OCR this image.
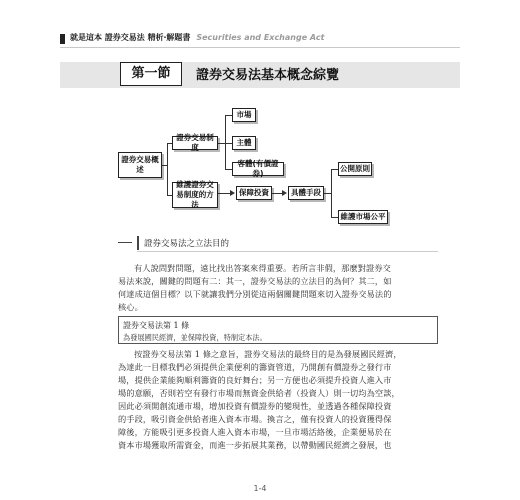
就是這本 證券交易法 精析‧解題書 Securities and Exchange Act
第一節	證券交易法基本概念綜覽
證券交易概述
證券交易制度
市場
主體
客體(有價證券)
維護證券交易制度的方法
保障投資	具體手段
公開原則
維護市場公平
證券交易法之立法目的
有人說問對問題，遠比找出答案來得重要。若所言非假，那麼對證券交
易法來說，關鍵的問題有二：其一，證券交易法的立法目的為何？其二，如
何達成這個目標？以下就讓我們分別從這兩個關鍵問題來切入證券交易法的
核心。
證券交易法第 1 條
為發展國民經濟，並保障投資，特制定本法。
按證券交易法第 1 條之意旨，證券交易法的最終目的是為發展國民經濟，
為達此一目標我們必須提供企業便利的籌資管道，乃開創有價證券之發行市
場，提供企業能夠順利籌資的良好舞台；另一方便也必須提升投資人進入市
場的意願，否則若空有發行市場而無資金供給者（投資人）則一切均為空談，
因此必須開創流通市場，增加投資有價證券的變現性，並透過各種保障投資
的手段，吸引資金供給者進入資本市場。換言之，僅有投資人的投資獲得保
障後，方能吸引更多投資人進入資本市場，一旦市場活絡後，企業便易於在
資本市場獲取所需資金，而進一步拓展其業務，以帶動國民經濟之發展，也
1-4
